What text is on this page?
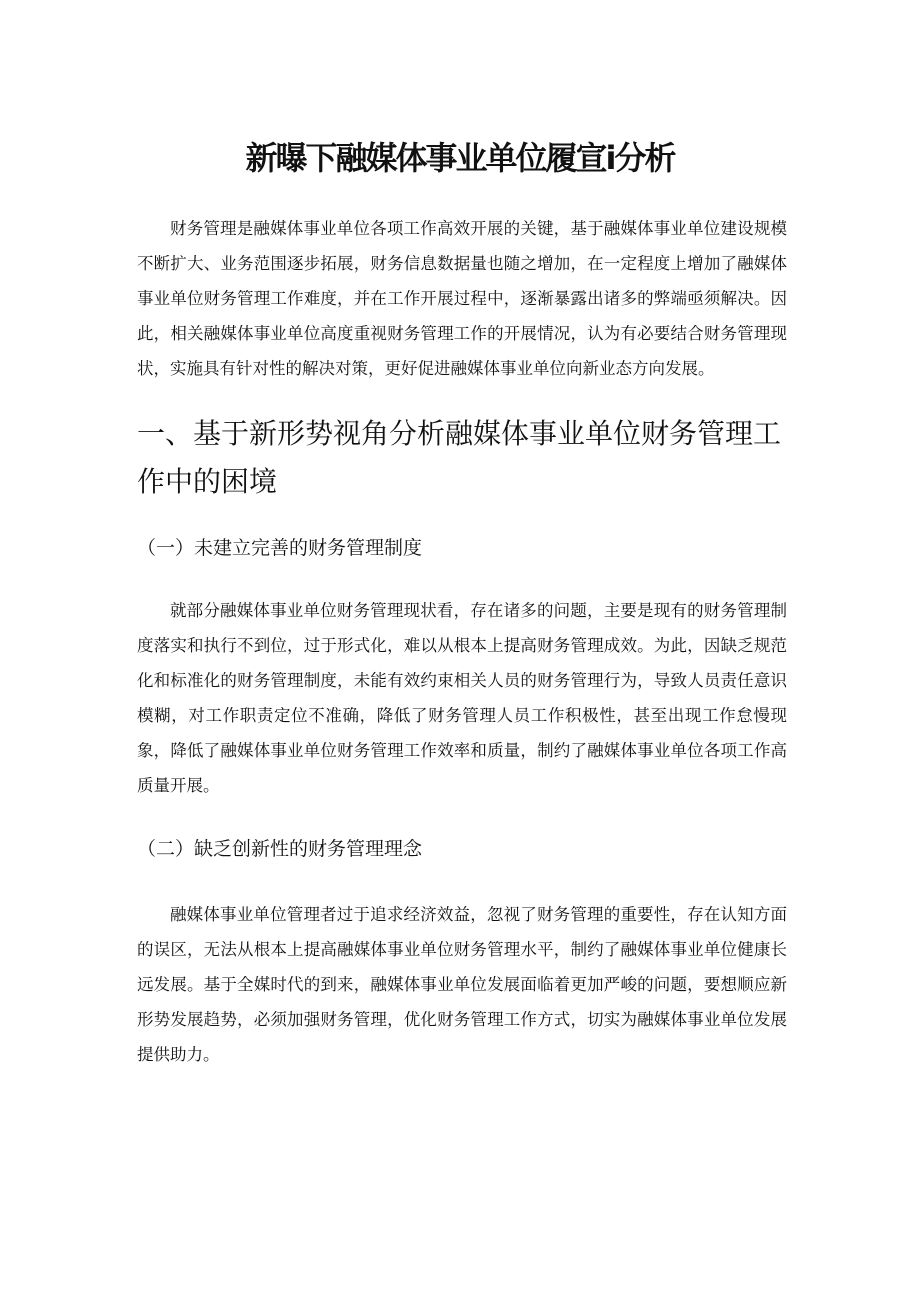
新曝下融媒体事业单位履宣i分析

财务管理是融媒体事业单位各项工作高效开展的关键，基于融媒体事业单位建设规模不断扩大、业务范围逐步拓展，财务信息数据量也随之增加，在一定程度上增加了融媒体事业单位财务管理工作难度，并在工作开展过程中，逐渐暴露出诸多的弊端亟须解决。因此，相关融媒体事业单位高度重视财务管理工作的开展情况，认为有必要结合财务管理现状，实施具有针对性的解决对策，更好促进融媒体事业单位向新业态方向发展。

一、基于新形势视角分析融媒体事业单位财务管理工作中的困境
（一）未建立完善的财务管理制度

就部分融媒体事业单位财务管理现状看，存在诸多的问题，主要是现有的财务管理制度落实和执行不到位，过于形式化，难以从根本上提高财务管理成效。为此，因缺乏规范化和标准化的财务管理制度，未能有效约束相关人员的财务管理行为，导致人员责任意识模糊，对工作职责定位不准确，降低了财务管理人员工作积极性，甚至出现工作怠慢现象，降低了融媒体事业单位财务管理工作效率和质量，制约了融媒体事业单位各项工作高质量开展。

（二）缺乏创新性的财务管理理念

融媒体事业单位管理者过于追求经济效益，忽视了财务管理的重要性，存在认知方面的误区，无法从根本上提高融媒体事业单位财务管理水平，制约了融媒体事业单位健康长远发展。基于全媒时代的到来，融媒体事业单位发展面临着更加严峻的问题，要想顺应新形势发展趋势，必须加强财务管理，优化财务管理工作方式，切实为融媒体事业单位发展提供助力。
